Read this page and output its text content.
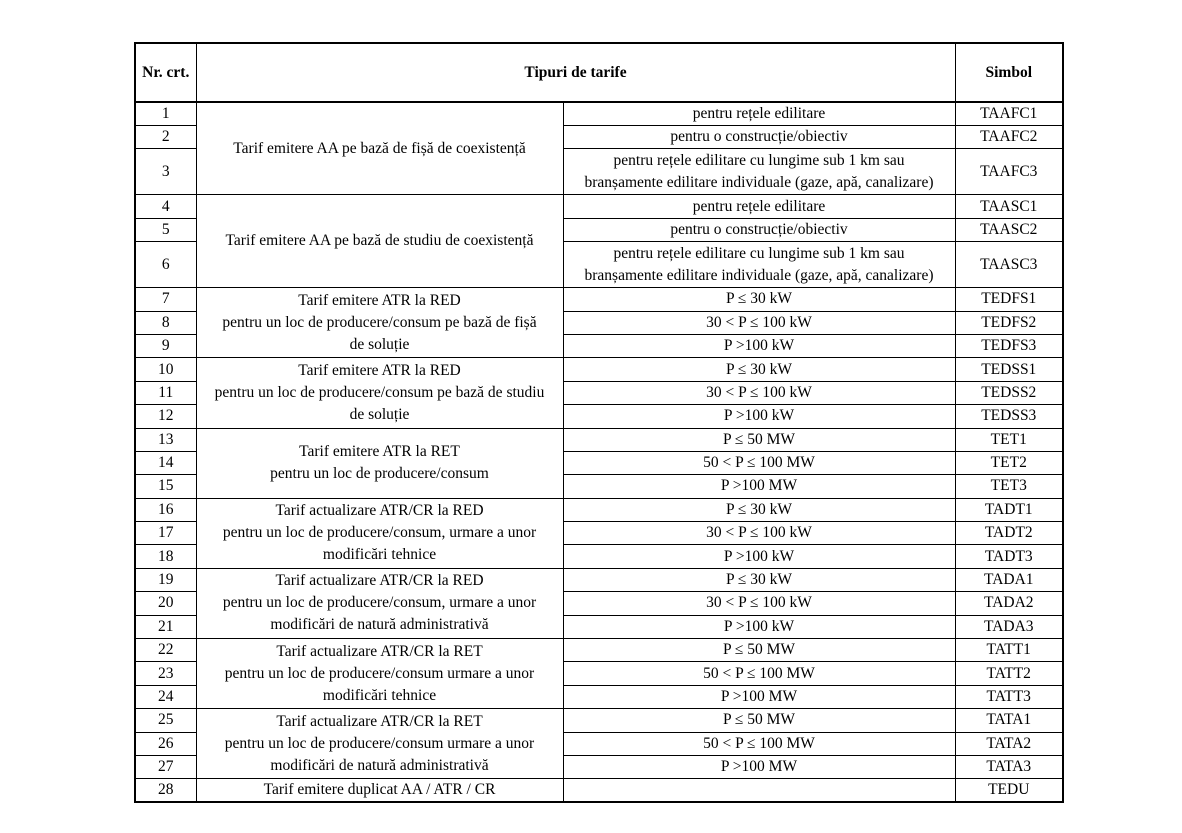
Nr. crt.	Tipuri de tarife		Simbol
1	Tarif emitere AA pe bază de fișă de coexistență	pentru rețele edilitare	TAAFC1
2		pentru o construcție/obiectiv	TAAFC2
3		pentru rețele edilitare cu lungime sub 1 km sau
branșamente edilitare individuale (gaze, apă, canalizare)	TAAFC3
4	Tarif emitere AA pe bază de studiu de coexistență	pentru rețele edilitare	TAASC1
5		pentru o construcție/obiectiv	TAASC2
6		pentru rețele edilitare cu lungime sub 1 km sau
branșamente edilitare individuale (gaze, apă, canalizare)	TAASC3
7	Tarif emitere ATR la RED
pentru un loc de producere/consum pe bază de fișă
de soluție	P ≤ 30 kW	TEDFS1
8		30 < P ≤ 100 kW	TEDFS2
9		P >100 kW	TEDFS3
10	Tarif emitere ATR la RED
pentru un loc de producere/consum pe bază de studiu
de soluție	P ≤ 30 kW	TEDSS1
11		30 < P ≤ 100 kW	TEDSS2
12		P >100 kW	TEDSS3
13	Tarif emitere ATR la RET
pentru un loc de producere/consum	P ≤ 50 MW	TET1
14		50 < P ≤ 100 MW	TET2
15		P >100 MW	TET3
16	Tarif actualizare ATR/CR la RED
pentru un loc de producere/consum, urmare a unor
modificări tehnice	P ≤ 30 kW	TADT1
17		30 < P ≤ 100 kW	TADT2
18		P >100 kW	TADT3
19	Tarif actualizare ATR/CR la RED
pentru un loc de producere/consum, urmare a unor
modificări de natură administrativă	P ≤ 30 kW	TADA1
20		30 < P ≤ 100 kW	TADA2
21		P >100 kW	TADA3
22	Tarif actualizare ATR/CR la RET
pentru un loc de producere/consum urmare a unor
modificări tehnice	P ≤ 50 MW	TATT1
23		50 < P ≤ 100 MW	TATT2
24		P >100 MW	TATT3
25	Tarif actualizare ATR/CR la RET
pentru un loc de producere/consum urmare a unor
modificări de natură administrativă	P ≤ 50 MW	TATA1
26		50 < P ≤ 100 MW	TATA2
27		P >100 MW	TATA3
28	Tarif emitere duplicat AA / ATR / CR		TEDU
